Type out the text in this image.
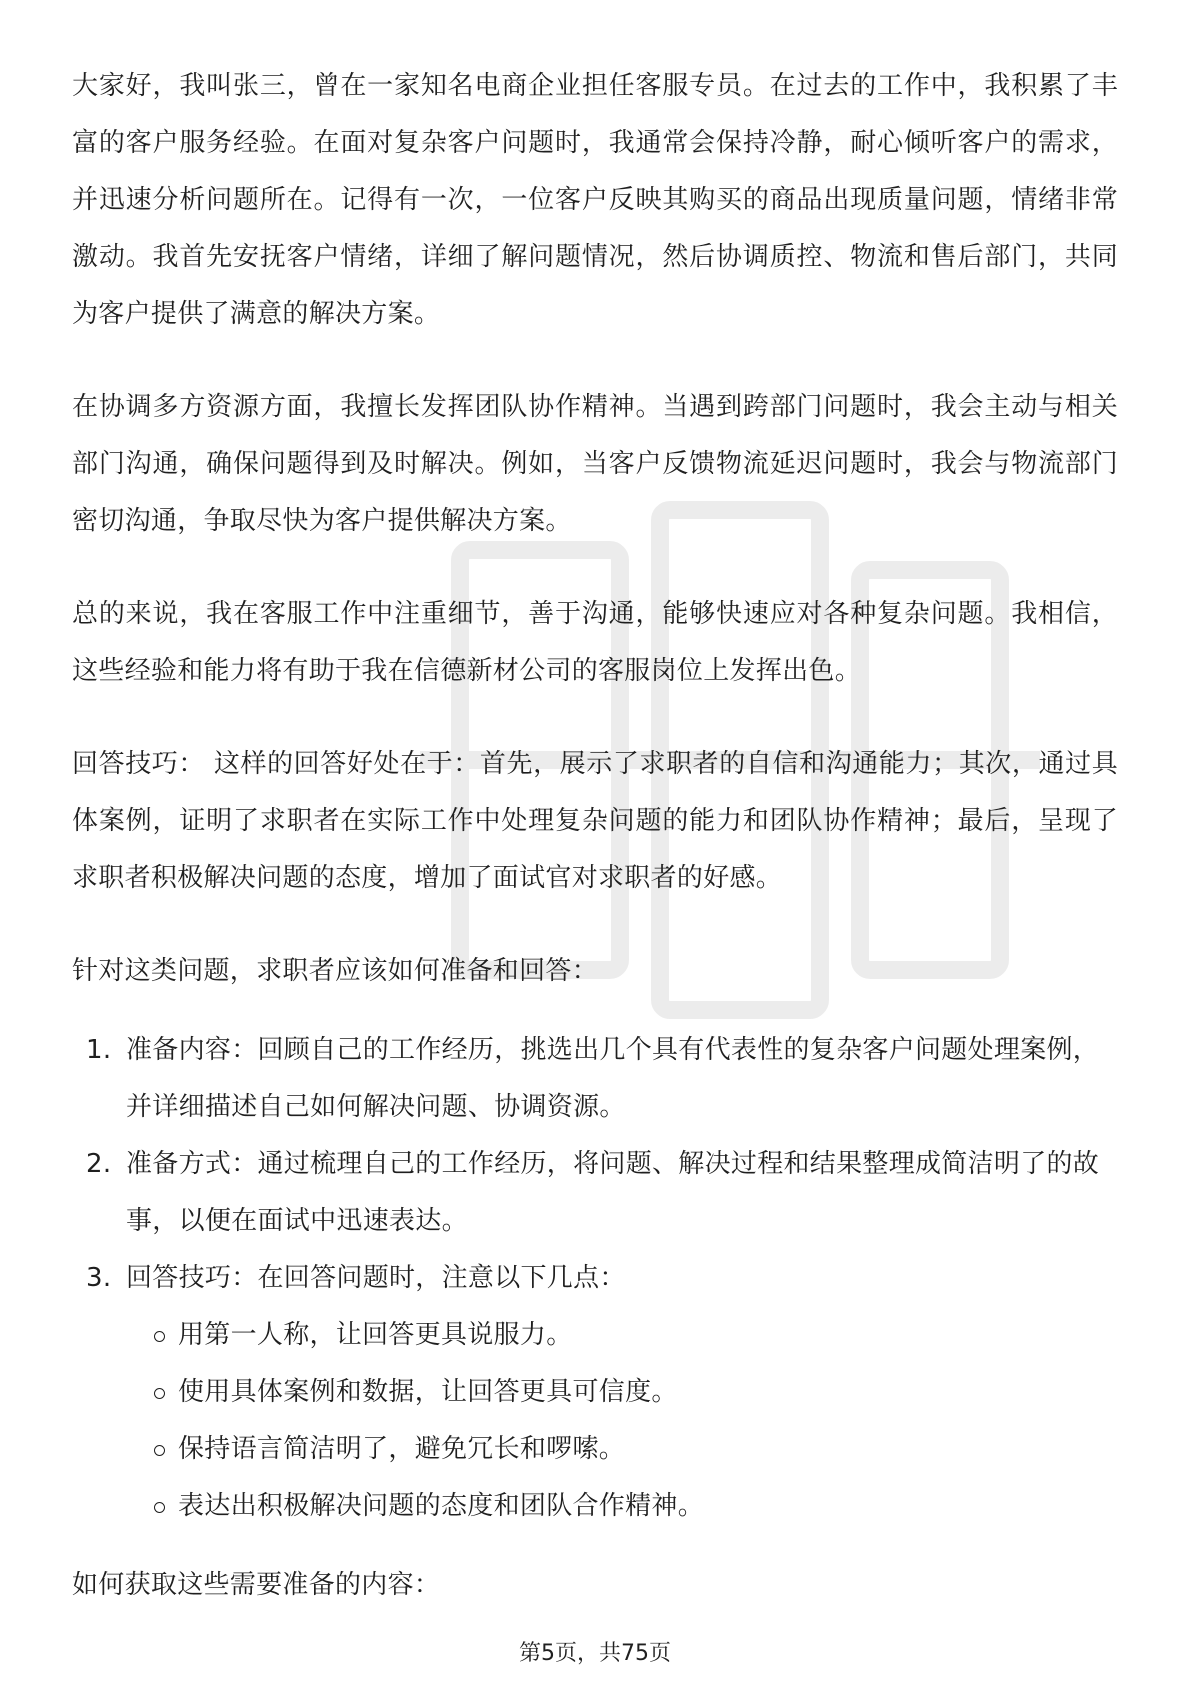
大家好，我叫张三，曾在一家知名电商企业担任客服专员。在过去的工作中，我积累了丰富的客户服务经验。在面对复杂客户问题时，我通常会保持冷静，耐心倾听客户的需求，并迅速分析问题所在。记得有一次，一位客户反映其购买的商品出现质量问题，情绪非常激动。我首先安抚客户情绪，详细了解问题情况，然后协调质控、物流和售后部门，共同为客户提供了满意的解决方案。

在协调多方资源方面，我擅长发挥团队协作精神。当遇到跨部门问题时，我会主动与相关部门沟通，确保问题得到及时解决。例如，当客户反馈物流延迟问题时，我会与物流部门密切沟通，争取尽快为客户提供解决方案。

总的来说，我在客服工作中注重细节，善于沟通，能够快速应对各种复杂问题。我相信，这些经验和能力将有助于我在信德新材公司的客服岗位上发挥出色。

回答技巧： 这样的回答好处在于：首先，展示了求职者的自信和沟通能力；其次，通过具体案例，证明了求职者在实际工作中处理复杂问题的能力和团队协作精神；最后，呈现了求职者积极解决问题的态度，增加了面试官对求职者的好感。

针对这类问题，求职者应该如何准备和回答：

1. 准备内容：回顾自己的工作经历，挑选出几个具有代表性的复杂客户问题处理案例，并详细描述自己如何解决问题、协调资源。
2. 准备方式：通过梳理自己的工作经历，将问题、解决过程和结果整理成简洁明了的故事，以便在面试中迅速表达。
3. 回答技巧：在回答问题时，注意以下几点：
用第一人称，让回答更具说服力。
使用具体案例和数据，让回答更具可信度。
保持语言简洁明了，避免冗长和啰嗦。
表达出积极解决问题的态度和团队合作精神。

如何获取这些需要准备的内容：

第5页，共75页
